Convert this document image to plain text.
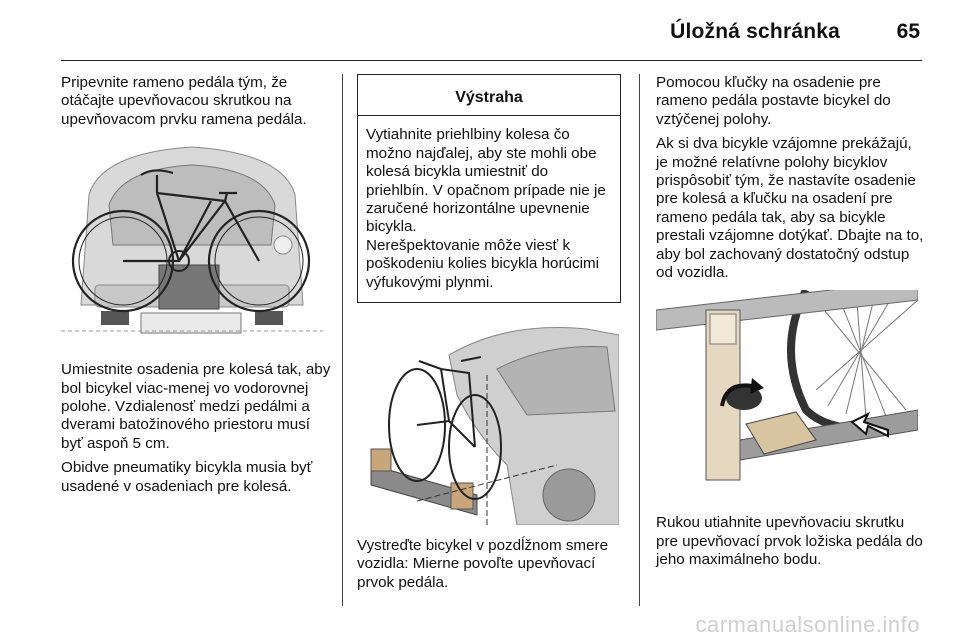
Úložná schránka	65

Pripevnite rameno pedála tým, že otáčajte upevňovacou skrutkou na upevňovacom prvku ramena pedála.

Umiestnite osadenia pre kolesá tak, aby bol bicykel viac-menej vo vodorovnej polohe. Vzdialenosť medzi pedálmi a dverami batožinového priestoru musí byť aspoň 5 cm.

Obidve pneumatiky bicykla musia byť usadené v osadeniach pre kolesá.

Výstraha
Vytiahnite priehlbiny kolesa čo možno najďalej, aby ste mohli obe kolesá bicykla umiestniť do priehlbín. V opačnom prípade nie je zaručené horizontálne upevnenie bicykla.
Nerešpektovanie môže viesť k poškodeniu kolies bicykla horúcimi výfukovými plynmi.

Vystreďte bicykel v pozdĺžnom smere vozidla: Mierne povoľte upevňovací prvok pedála.

Pomocou kľučky na osadenie pre rameno pedála postavte bicykel do vztýčenej polohy.

Ak si dva bicykle vzájomne prekážajú, je možné relatívne polohy bicyklov prispôsobiť tým, že nastavíte osadenie pre kolesá a kľučku na osadení pre rameno pedála tak, aby sa bicykle prestali vzájomne dotýkať. Dbajte na to, aby bol zachovaný dostatočný odstup od vozidla.

Rukou utiahnite upevňovaciu skrutku pre upevňovací prvok ložiska pedála do jeho maximálneho bodu.

carmanualsonline.info
